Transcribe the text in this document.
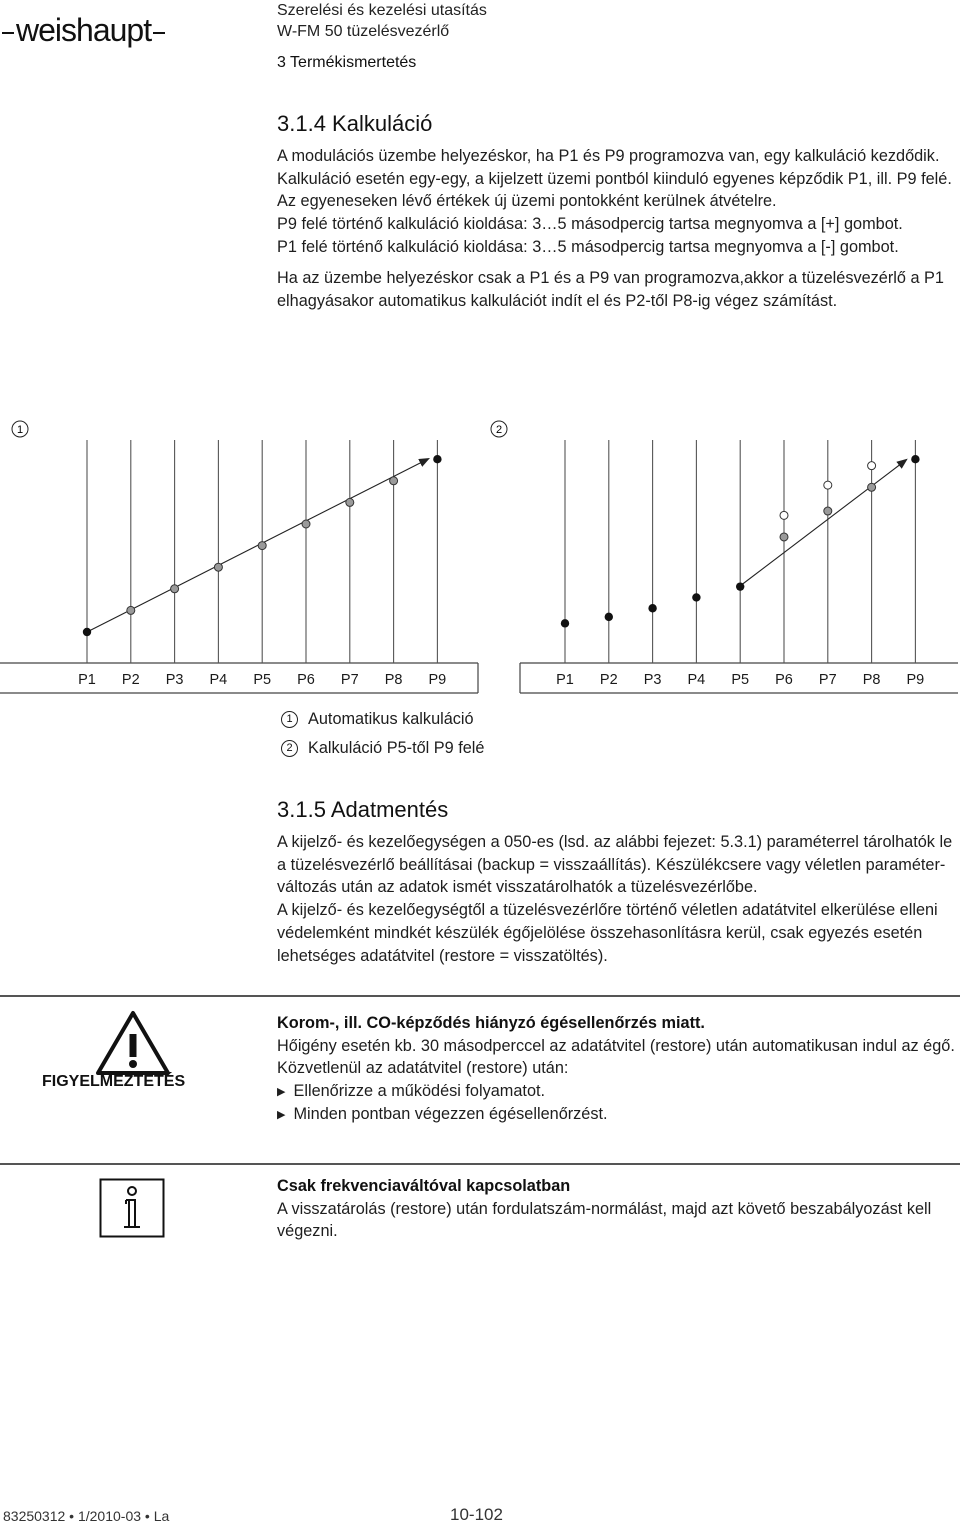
weishaupt
Szerelési és kezelési utasítás
W-FM 50 tüzelésvezérlő
3 Termékismertetés
3.1.4 Kalkuláció

A modulációs üzembe helyezéskor, ha P1 és P9 programozva van, egy kalkuláció kezdődik. Kalkuláció esetén egy-egy, a kijelzett üzemi pontból kiinduló egyenes képződik P1, ill. P9 felé. Az egyeneseken lévő értékek új üzemi pontokként kerülnek átvételre.

P9 felé történő kalkuláció kioldása: 3…5 másodpercig tartsa megnyomva a [+] gombot.

P1 felé történő kalkuláció kioldása: 3…5 másodpercig tartsa megnyomva a [-] gombot.

Ha az üzembe helyezéskor csak a P1 és a P9 van programozva,akkor a tüzelésvezérlő a P1 elhagyásakor automatikus kalkulációt indít el és P2-től P8-ig végez számítást.

1
P1 P2 P3 P4 P5 P6 P7 P8 P9
2
P1 P2 P3 P4 P5 P6 P7 P8 P9
1 Automatikus kalkuláció
2 Kalkuláció P5-től P9 felé
3.1.5 Adatmentés

A kijelző- és kezelőegységen a 050-es (lsd. az alábbi fejezet: 5.3.1) paraméterrel tárolhatók le a tüzelésvezérlő beállításai (backup = visszaállítás). Készülékcsere vagy véletlen paraméter-változás után az adatok ismét visszatárolhatók a tüzelésvezérlőbe.

A kijelző- és kezelőegységtől a tüzelésvezérlőre történő véletlen adatátvitel elkerülése elleni védelemként mindkét készülék égőjelölése összehasonlításra kerül, csak egyezés esetén lehetséges adatátvitel (restore = visszatöltés).

FIGYELMEZTETÉS

Korom-, ill. CO-képződés hiányzó égésellenőrzés miatt.

Hőigény esetén kb. 30 másodperccel az adatátvitel (restore) után automatikusan indul az égő.

Közvetlenül az adatátvitel (restore) után:

▶ Ellenőrizze a működési folyamatot.

▶ Minden pontban végezzen égésellenőrzést.

Csak frekvenciaváltóval kapcsolatban

A visszatárolás (restore) után fordulatszám-normálást, majd azt követő beszabályozást kell végezni.

83250312 • 1/2010-03 • La	10-102
